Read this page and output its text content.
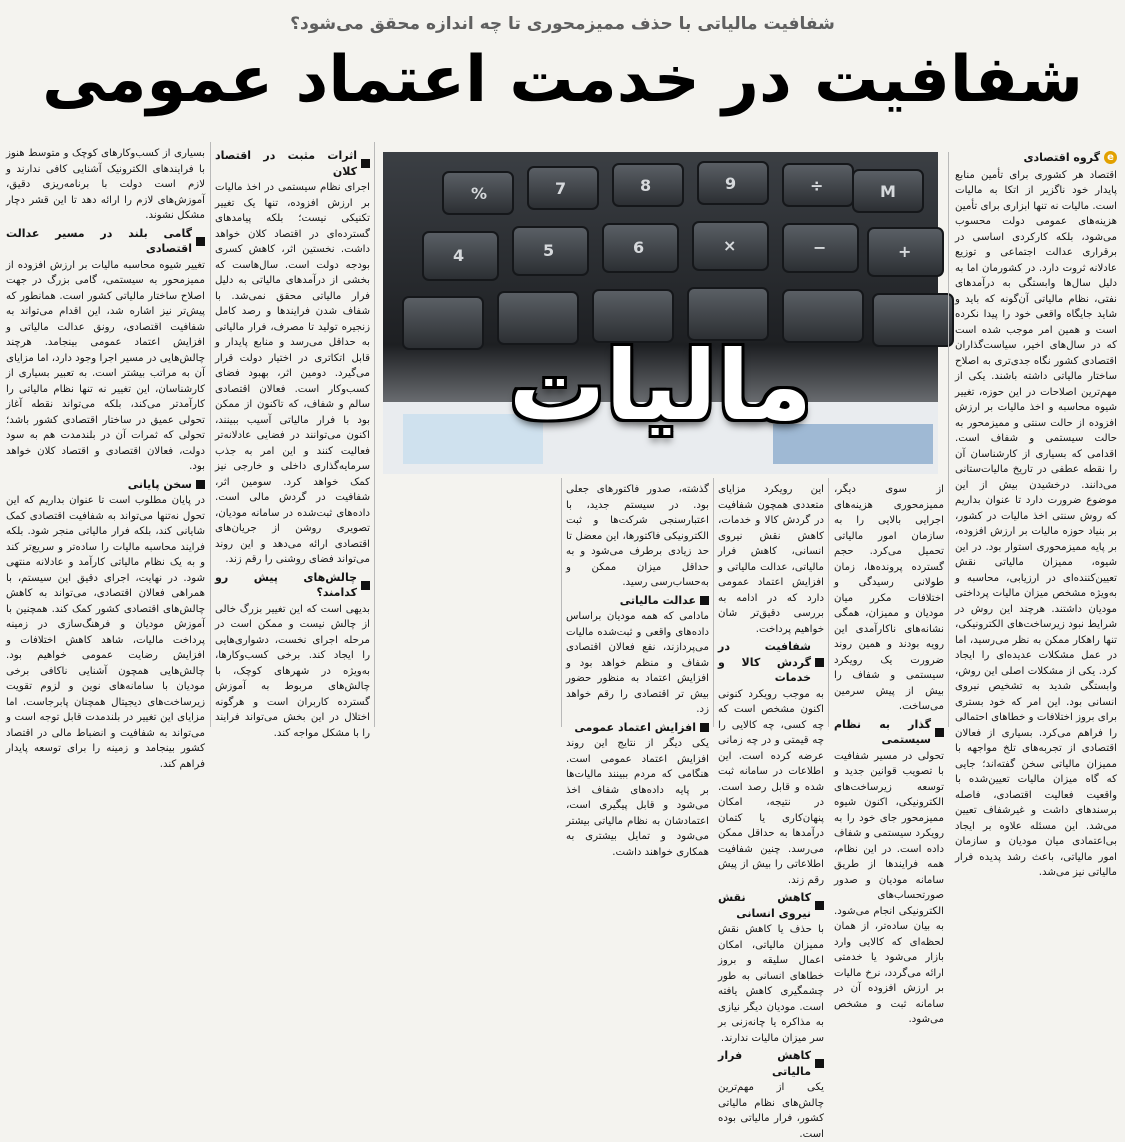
شفافیت مالیاتی با حذف ممیزمحوری تا چه اندازه محقق می‌شود؟
شفافیت در خدمت اعتماد عمومی
%	7	8	9	÷	M
4	5	6	×	−	+
مالیات
e
گروه اقتصادی

اقتصاد هر کشوری برای تأمین منابع پایدار خود ناگزیر از اتکا به مالیات است. مالیات نه تنها ابزاری برای تأمین هزینه‌های عمومی دولت محسوب می‌شود، بلکه کارکردی اساسی در برقراری عدالت اجتماعی و توزیع عادلانه ثروت دارد. در کشورمان اما به دلیل سال‌ها وابستگی به درآمدهای نفتی، نظام مالیاتی آن‌گونه که باید و شاید جایگاه واقعی خود را پیدا نکرده است و همین امر موجب شده است که در سال‌های اخیر، سیاست‌گذاران اقتصادی کشور نگاه جدی‌تری به اصلاح ساختار مالیاتی داشته باشند. یکی از مهم‌ترین اصلاحات در این حوزه، تغییر شیوه محاسبه و اخذ مالیات بر ارزش افزوده از حالت سنتی و ممیزمحور به حالت سیستمی و شفاف است. اقدامی که بسیاری از کارشناسان آن را نقطه عطفی در تاریخ مالیات‌ستانی می‌دانند. درخشیدن بیش از این موضوع ضرورت دارد تا عنوان بداریم که روش سنتی اخذ مالیات در کشور، بر بنیاد حوزه مالیات بر ارزش افزوده، بر پایه ممیزمحوری استوار بود. در این شیوه، ممیزان مالیاتی نقش تعیین‌کننده‌ای در ارزیابی، محاسبه و به‌ویژه مشخص میزان مالیات پرداختی مودیان داشتند. هرچند این روش در شرایط نبود زیرساخت‌های الکترونیکی، تنها راهکار ممکن به نظر می‌رسید، اما در عمل مشکلات عدیده‌ای را ایجاد کرد. یکی از مشکلات اصلی این روش، وابستگی شدید به تشخیص نیروی انسانی بود. این امر که خود بستری برای بروز اختلافات و خطاهای احتمالی را فراهم می‌کرد. بسیاری از فعالان اقتصادی از تجربه‌های تلخ مواجهه با ممیزان مالیاتی سخن گفته‌اند؛ جایی که گاه میزان مالیات تعیین‌شده با واقعیت فعالیت اقتصادی، فاصله برسندهای داشت و غیرشفاف تعیین می‌شد. این مسئله علاوه بر ایجاد بی‌اعتمادی میان مودیان و سازمان امور مالیاتی، باعث رشد پدیده فرار مالیاتی نیز می‌شد.

از سوی دیگر، ممیزمحوری هزینه‌های اجرایی بالایی را به سازمان امور مالیاتی تحمیل می‌کرد. حجم گسترده پرونده‌ها، زمان طولانی رسیدگی و اختلافات مکرر میان مودیان و ممیزان، همگی نشانه‌های ناکارآمدی این رویه بودند و همین روند ضرورت یک رویکرد سیستمی و شفاف را بیش از پیش سرمین می‌ساخت.

گذار به نظام سیستمی

تحولی در مسیر شفافیت با تصویب قوانین جدید و توسعه زیرساخت‌های الکترونیکی، اکنون شیوه ممیزمحور جای خود را به رویکرد سیستمی و شفاف داده است. در این نظام، همه فرایندها از طریق سامانه مودیان و صدور صورتحساب‌های الکترونیکی انجام می‌شود. به بیان ساده‌تر، از همان لحظه‌ای که کالایی وارد بازار می‌شود یا خدمتی ارائه می‌گردد، نرخ مالیات بر ارزش افزوده آن در سامانه ثبت و مشخص می‌شود.

این رویکرد مزایای متعددی همچون شفافیت در گردش کالا و خدمات، کاهش نقش نیروی انسانی، کاهش فرار مالیاتی، عدالت مالیاتی و افزایش اعتماد عمومی دارد که در ادامه به بررسی دقیق‌تر شان خواهیم پرداخت.

شفافیت در گردش کالا و خدمات

به موجب رویکرد کنونی اکنون مشخص است که چه کسی، چه کالایی را چه قیمتی و در چه زمانی عرضه کرده است. این اطلاعات در سامانه ثبت شده و قابل رصد است. در نتیجه، امکان پنهان‌کاری یا کتمان درآمدها به حداقل ممکن می‌رسد. چنین شفافیت اطلاعاتی را بیش از پیش رقم زند.

کاهش نقش نیروی انسانی

با حذف یا کاهش نقش ممیزان مالیاتی، امکان اعمال سلیقه و بروز خطاهای انسانی به طور چشمگیری کاهش یافته است. مودیان دیگر نیازی به مذاکره یا چانه‌زنی بر سر میزان مالیات ندارند.

کاهش فرار مالیاتی

یکی از مهم‌ترین چالش‌های نظام مالیاتی کشور، فرار مالیاتی بوده است.

گذشته، صدور فاکتورهای جعلی بود. در سیستم جدید، با اعتبارسنجی شرکت‌ها و ثبت الکترونیکی فاکتورها، این معضل تا حد زیادی برطرف می‌شود و به حداقل میزان ممکن و به‌حساب‌رسی رسید.

عدالت مالیاتی

مادامی که همه مودیان براساس داده‌های واقعی و ثبت‌شده مالیات می‌پردازند، نفع فعالان اقتصادی شفاف و منظم خواهد بود و افزایش اعتماد به منظور حضور بیش تر اقتصادی را رقم خواهد زد.

افزایش اعتماد عمومی

یکی دیگر از نتایج این روند افزایش اعتماد عمومی است. هنگامی که مردم ببینند مالیات‌ها بر پایه داده‌های شفاف اخذ می‌شود و قابل پیگیری است، اعتمادشان به نظام مالیاتی بیشتر می‌شود و تمایل بیشتری به همکاری خواهند داشت.

اثرات مثبت در اقتصاد کلان

اجرای نظام سیستمی در اخذ مالیات بر ارزش افزوده، تنها یک تغییر تکنیکی نیست؛ بلکه پیامدهای گسترده‌ای در اقتصاد کلان خواهد داشت. نخستین اثر، کاهش کسری بودجه دولت است. سال‌هاست که بخشی از درآمدهای مالیاتی به دلیل فرار مالیاتی محقق نمی‌شد. با شفاف شدن فرایندها و رصد کامل زنجیره تولید تا مصرف، فرار مالیاتی به حداقل می‌رسد و منابع پایدار و قابل اتکاتری در اختیار دولت قرار می‌گیرد. دومین اثر، بهبود فضای کسب‌وکار است. فعالان اقتصادی سالم و شفاف، که تاکنون از ممکن بود با فرار مالیاتی آسیب ببینند، اکنون می‌توانند در فضایی عادلانه‌تر فعالیت کنند و این امر به جذب سرمایه‌گذاری داخلی و خارجی نیز کمک خواهد کرد. سومین اثر، شفافیت در گردش مالی است. داده‌های ثبت‌شده در سامانه مودیان، تصویری روشن از جریان‌های اقتصادی ارائه می‌دهد و این روند می‌تواند فضای روشنی را رقم زند.

چالش‌های پیش رو کدامند؟

بدیهی است که این تغییر بزرگ خالی از چالش نیست و ممکن است در مرحله اجرای نخست، دشواری‌هایی را ایجاد کند. برخی کسب‌وکارها، به‌ویژه در شهرهای کوچک، با چالش‌های مربوط به آموزش گسترده کاربران است و هرگونه اختلال در این بخش می‌تواند فرایند را با مشکل مواجه کند.

بسیاری از کسب‌وکارهای کوچک و متوسط هنوز با فرایندهای الکترونیک آشنایی کافی ندارند و لازم است دولت با برنامه‌ریزی دقیق، آموزش‌های لازم را ارائه دهد تا این قشر دچار مشکل نشوند.

گامی بلند در مسیر عدالت اقتصادی

تغییر شیوه محاسبه مالیات بر ارزش افزوده از ممیزمحور به سیستمی، گامی بزرگ در جهت اصلاح ساختار مالیاتی کشور است. همانطور که پیش‌تر نیز اشاره شد، این اقدام می‌تواند به شفافیت اقتصادی، رونق عدالت مالیاتی و افزایش اعتماد عمومی بینجامد. هرچند چالش‌هایی در مسیر اجرا وجود دارد، اما مزایای آن به مراتب بیشتر است. به تعبیر بسیاری از کارشناسان، این تغییر نه تنها نظام مالیاتی را کارآمدتر می‌کند، بلکه می‌تواند نقطه آغاز تحولی عمیق در ساختار اقتصادی کشور باشد؛ تحولی که ثمرات آن در بلندمدت هم به سود دولت، فعالان اقتصادی و اقتصاد کلان خواهد بود.

سخن پایانی

در پایان مطلوب است تا عنوان بداریم که این تحول نه‌تنها می‌تواند به شفافیت اقتصادی کمک شایانی کند، بلکه فرار مالیاتی منجر شود. بلکه فرایند محاسبه مالیات را ساده‌تر و سریع‌تر کند و به یک نظام مالیاتی کارآمد و عادلانه منتهی شود. در نهایت، اجرای دقیق این سیستم، با همراهی فعالان اقتصادی، می‌تواند به کاهش چالش‌های اقتصادی کشور کمک کند. همچنین با آموزش مودیان و فرهنگ‌سازی در زمینه پرداخت مالیات، شاهد کاهش اختلافات و افزایش رضایت عمومی خواهیم بود. چالش‌هایی همچون آشنایی ناکافی برخی مودیان با سامانه‌های نوین و لزوم تقویت زیرساخت‌های دیجیتال همچنان پابرجاست. اما مزایای این تغییر در بلندمدت قابل توجه است و می‌تواند به شفافیت و انضباط مالی در اقتصاد کشور بینجامد و زمینه را برای توسعه پایدار فراهم کند.
